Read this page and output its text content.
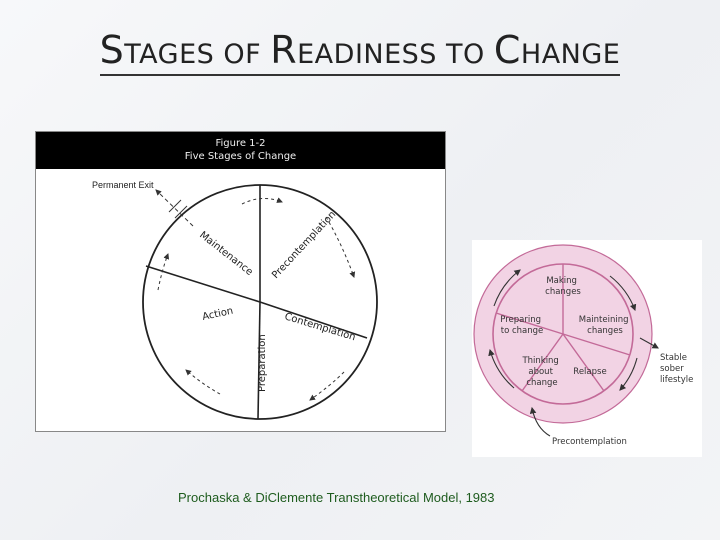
STAGES OF READINESS TO CHANGE
Permanent Exit
Maintenance Precontemplation
Contemplation
Preparation
Action
Figure 1-2
Five Stages of Change
Making changes
Mainteining changes
Relapse
Thinking about change
Preparing to change
Stable sober lifestyle
Precontemplation
Prochaska & DiClemente Transtheoretical Model, 1983
